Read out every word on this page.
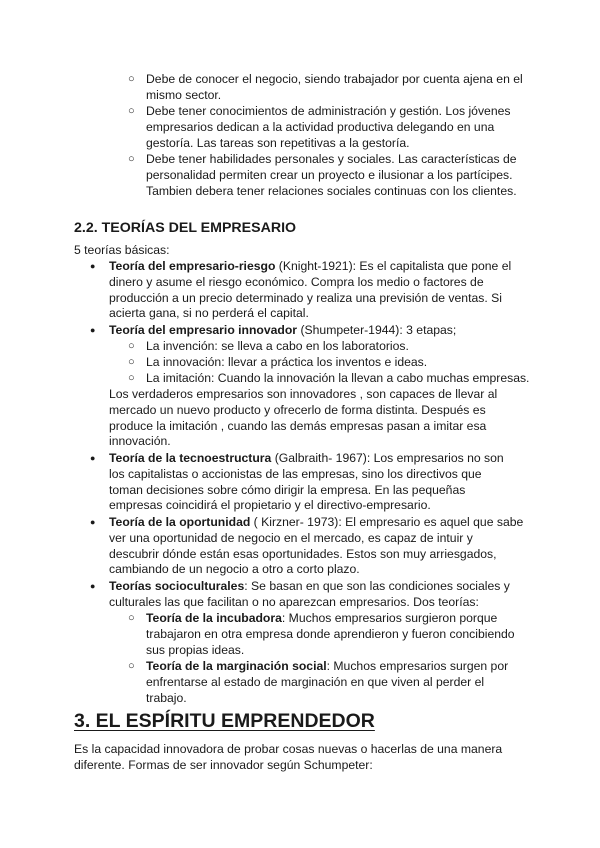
○ Debe de conocer el negocio, siendo trabajador por cuenta ajena en el mismo sector.
○ Debe tener conocimientos de administración y gestión. Los jóvenes empresarios dedican a la actividad productiva delegando en una gestoría. Las tareas son repetitivas a la gestoría.
○ Debe tener habilidades personales y sociales. Las características de personalidad permiten crear un proyecto e ilusionar a los partícipes. Tambien debera tener relaciones sociales continuas con los clientes.
2.2. TEORÍAS DEL EMPRESARIO
5 teorías básicas:
● Teoría del empresario-riesgo (Knight-1921): Es el capitalista que pone el dinero y asume el riesgo económico. Compra los medio o factores de producción a un precio determinado y realiza una previsión de ventas. Si acierta gana, si no perderá el capital.
● Teoría del empresario innovador (Shumpeter-1944): 3 etapas;
○ La invención: se lleva a cabo en los laboratorios.
○ La innovación: llevar a práctica los inventos e ideas.
○ La imitación: Cuando la innovación la llevan a cabo muchas empresas.
Los verdaderos empresarios son innovadores , son capaces de llevar al mercado un nuevo producto y ofrecerlo de forma distinta. Después es produce la imitación , cuando las demás empresas pasan a imitar esa innovación.
● Teoría de la tecnoestructura (Galbraith- 1967): Los empresarios no son los capitalistas o accionistas de las empresas, sino los directivos que toman decisiones sobre cómo dirigir la empresa. En las pequeñas empresas coincidirá el propietario y el directivo-empresario.
● Teoría de la oportunidad ( Kirzner- 1973): El empresario es aquel que sabe ver una oportunidad de negocio en el mercado, es capaz de intuir y descubrir dónde están esas oportunidades. Estos son muy arriesgados, cambiando de un negocio a otro a corto plazo.
● Teorías socioculturales: Se basan en que son las condiciones sociales y culturales las que facilitan o no aparezcan empresarios. Dos teorías:
○ Teoría de la incubadora: Muchos empresarios surgieron porque trabajaron en otra empresa donde aprendieron y fueron concibiendo sus propias ideas.
○ Teoría de la marginación social: Muchos empresarios surgen por enfrentarse al estado de marginación en que viven al perder el trabajo.
3. EL ESPÍRITU EMPRENDEDOR
Es la capacidad innovadora de probar cosas nuevas o hacerlas de una manera diferente. Formas de ser innovador según Schumpeter:
